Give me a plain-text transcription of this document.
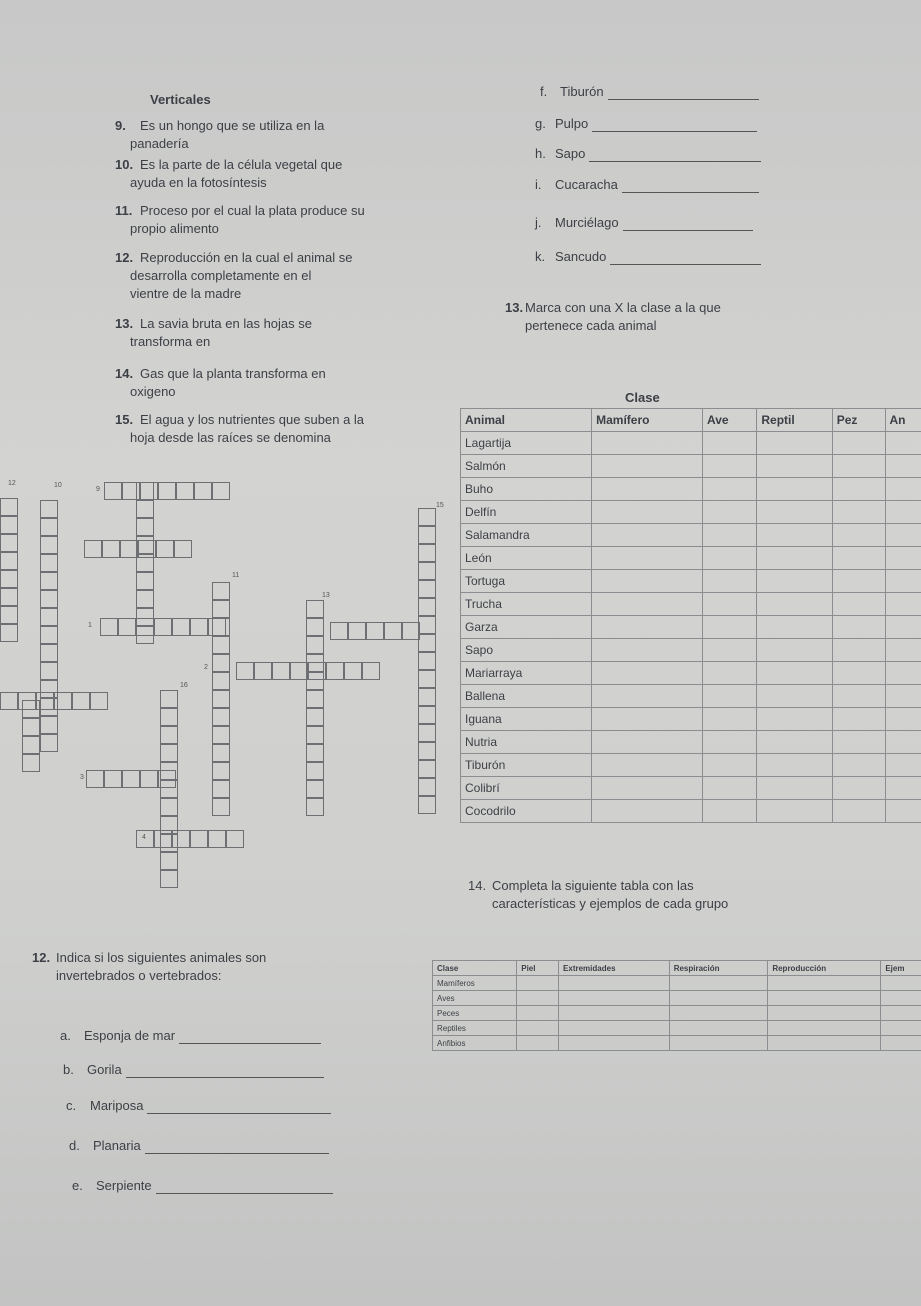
Verticales
9. Es un hongo que se utiliza en la
panadería
10. Es la parte de la célula vegetal que
ayuda en la fotosíntesis
11. Proceso por el cual la plata produce su
propio alimento
12. Reproducción en la cual el animal se
desarrolla completamente en el
vientre de la madre
13. La savia bruta en las hojas se
transforma en
14. Gas que la planta transforma en
oxigeno
15. El agua y los nutrientes que suben a la
hoja desde las raíces se denomina
f. Tiburón
g. Pulpo
h. Sapo
i. Cucaracha
j. Murciélago
k. Sancudo
13. Marca con una X la clase a la que
pertenece cada animal
12	10
9
11
13
15
1
2
3
4
16
Clase
Animal	Mamífero	Ave	Reptil	Pez	An
Lagartija					
Salmón					
Buho					
Delfín					
Salamandra					
León					
Tortuga					
Trucha					
Garza					
Sapo					
Mariarraya					
Ballena					
Iguana					
Nutria					
Tiburón					
Colibrí					
Cocodrilo					
14. Completa la siguiente tabla con las
características y ejemplos de cada grupo
Clase	Piel	Extremidades	Respiración	Reproducción	Ejem
Mamíferos					
Aves					
Peces					
Reptiles					
Anfibios					
12. Indica si los siguientes animales son
invertebrados o vertebrados:
a. Esponja de mar
b. Gorila
c. Mariposa
d. Planaria
e. Serpiente
